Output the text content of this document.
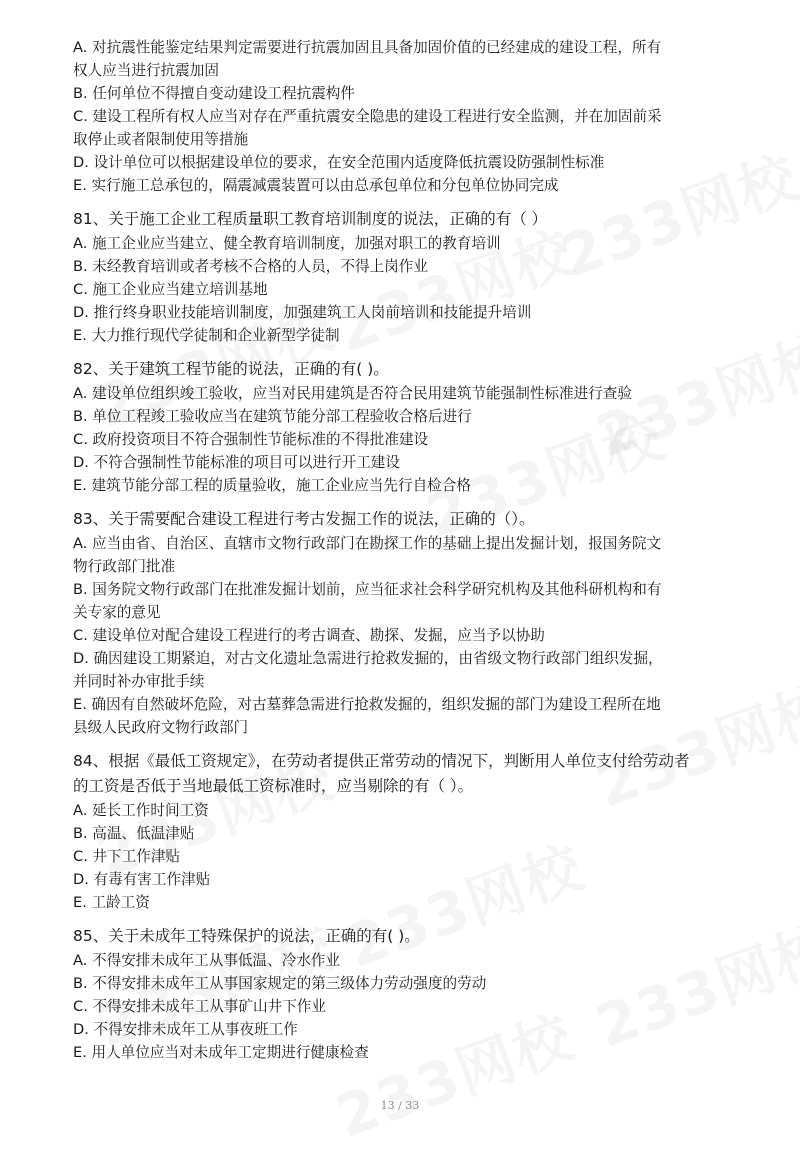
A. 对抗震性能鉴定结果判定需要进行抗震加固且具备加固价值的已经建成的建设工程，所有
权人应当进行抗震加固
B. 任何单位不得擅自变动建设工程抗震构件
C. 建设工程所有权人应当对存在严重抗震安全隐患的建设工程进行安全监测，并在加固前采
取停止或者限制使用等措施
D. 设计单位可以根据建设单位的要求，在安全范围内适度降低抗震设防强制性标准
E. 实行施工总承包的，隔震减震装置可以由总承包单位和分包单位协同完成
81、关于施工企业工程质量职工教育培训制度的说法，正确的有（ ）
A. 施工企业应当建立、健全教育培训制度，加强对职工的教育培训
B. 未经教育培训或者考核不合格的人员，不得上岗作业
C. 施工企业应当建立培训基地
D. 推行终身职业技能培训制度，加强建筑工人岗前培训和技能提升培训
E. 大力推行现代学徒制和企业新型学徒制
82、关于建筑工程节能的说法，正确的有( )。
A. 建设单位组织竣工验收，应当对民用建筑是否符合民用建筑节能强制性标准进行查验
B. 单位工程竣工验收应当在建筑节能分部工程验收合格后进行
C. 政府投资项目不符合强制性节能标准的不得批准建设
D. 不符合强制性节能标准的项目可以进行开工建设
E. 建筑节能分部工程的质量验收，施工企业应当先行自检合格
83、关于需要配合建设工程进行考古发掘工作的说法，正确的（）。
A. 应当由省、自治区、直辖市文物行政部门在勘探工作的基础上提出发掘计划，报国务院文
物行政部门批准
B. 国务院文物行政部门在批准发掘计划前，应当征求社会科学研究机构及其他科研机构和有
关专家的意见
C. 建设单位对配合建设工程进行的考古调查、勘探、发掘，应当予以协助
D. 确因建设工期紧迫，对古文化遗址急需进行抢救发掘的，由省级文物行政部门组织发掘，
并同时补办审批手续
E. 确因有自然破坏危险，对古墓葬急需进行抢救发掘的，组织发掘的部门为建设工程所在地
县级人民政府文物行政部门
84、根据《最低工资规定》，在劳动者提供正常劳动的情况下，判断用人单位支付给劳动者
的工资是否低于当地最低工资标准时，应当剔除的有（ ）。
A. 延长工作时间工资
B. 高温、低温津贴
C. 井下工作津贴
D. 有毒有害工作津贴
E. 工龄工资
85、关于未成年工特殊保护的说法，正确的有( )。
A. 不得安排未成年工从事低温、冷水作业
B. 不得安排未成年工从事国家规定的第三级体力劳动强度的劳动
C. 不得安排未成年工从事矿山井下作业
D. 不得安排未成年工从事夜班工作
E. 用人单位应当对未成年工定期进行健康检查
13 / 33
